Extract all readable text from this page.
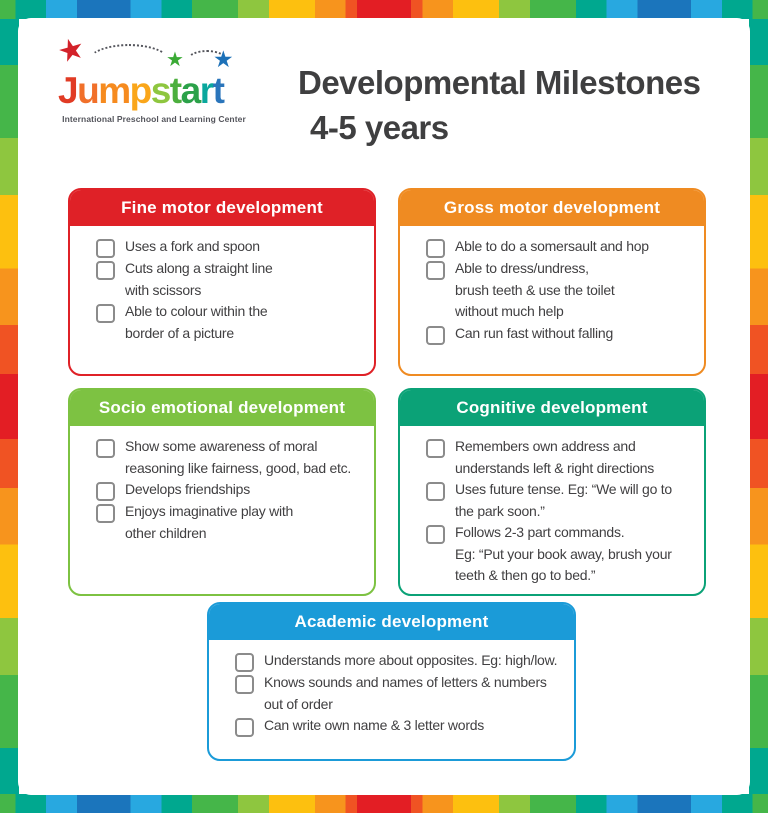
★	★ ★
Jumpstart
International Preschool and Learning Center
Developmental Milestones
4-5 years
Fine motor development
Uses a fork and spoon
Cuts along a straight line
with scissors
Able to colour within the
border of a picture
Gross motor development
Able to do a somersault and hop
Able to dress/undress,
brush teeth & use the toilet
without much help
Can run fast without falling
Socio emotional development
Show some awareness of moral
reasoning like fairness, good, bad etc.
Develops friendships
Enjoys imaginative play with
other children
Cognitive development
Remembers own address and
understands left & right directions
Uses future tense. Eg: “We will go to
the park soon.”
Follows 2-3 part commands.
Eg: “Put your book away, brush your
teeth & then go to bed.”
Academic development
Understands more about opposites. Eg: high/low.
Knows sounds and names of letters & numbers
out of order
Can write own name & 3 letter words
